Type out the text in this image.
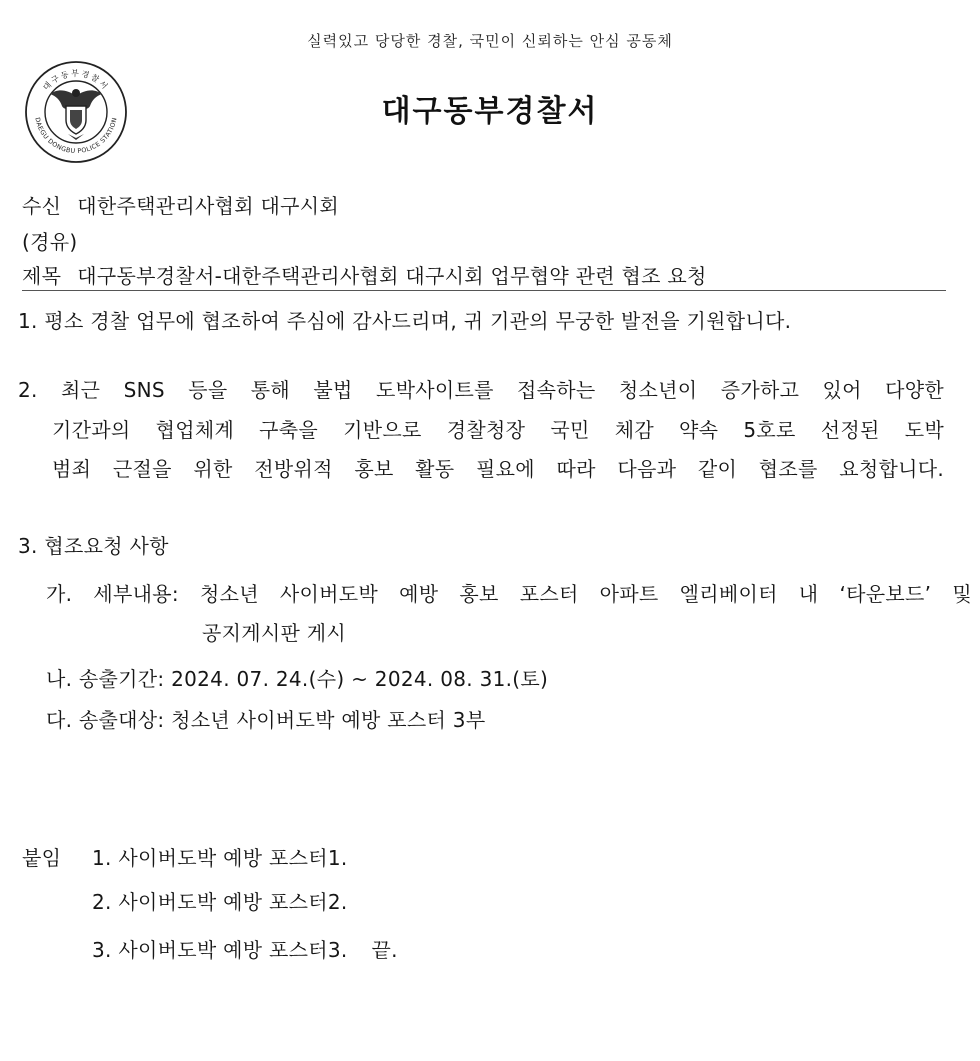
실력있고 당당한 경찰, 국민이 신뢰하는 안심 공동체
대구동부경찰서
DAEGU DONGBU POLICE STATION	대구동부경찰서
수신 대한주택관리사협회 대구시회
(경유)
제목 대구동부경찰서-대한주택관리사협회 대구시회 업무협약 관련 협조 요청
1. 평소 경찰 업무에 협조하여 주심에 감사드리며, 귀 기관의 무궁한 발전을 기원합니다.
2. 최근 SNS 등을 통해 불법 도박사이트를 접속하는 청소년이 증가하고 있어 다양한
기간과의 협업체계 구축을 기반으로 경찰청장 국민 체감 약속 5호로 선정된 도박
범죄 근절을 위한 전방위적 홍보 활동 필요에 따라 다음과 같이 협조를 요청합니다.
3. 협조요청 사항
가. 세부내용: 청소년 사이버도박 예방 홍보 포스터 아파트 엘리베이터 내 ‘타운보드’ 및
공지게시판 게시
나. 송출기간: 2024. 07. 24.(수) ~ 2024. 08. 31.(토)
다. 송출대상: 청소년 사이버도박 예방 포스터 3부
붙임 1. 사이버도박 예방 포스터1.
2. 사이버도박 예방 포스터2.
3. 사이버도박 예방 포스터3. 끝.
